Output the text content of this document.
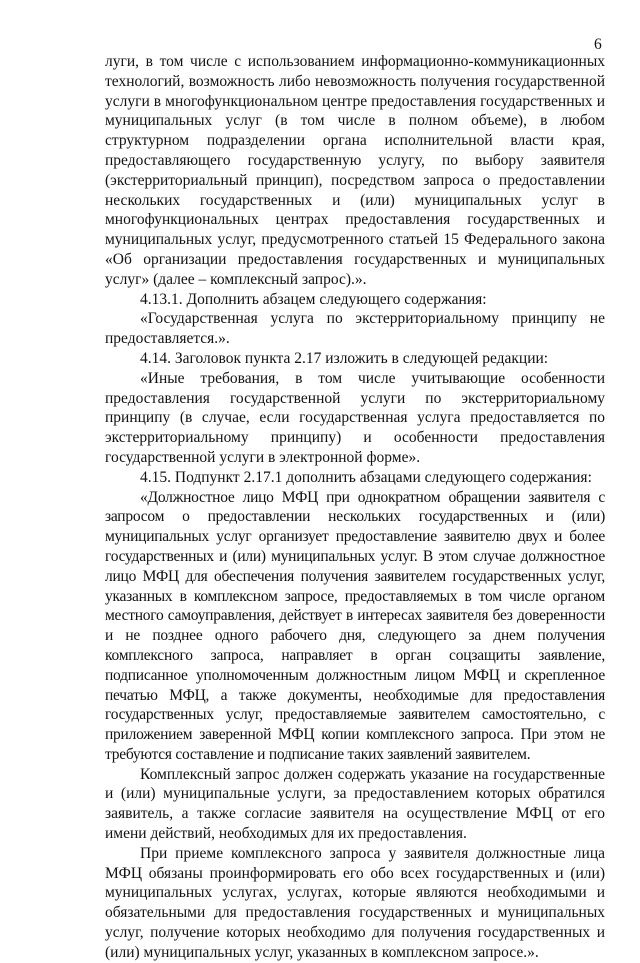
6

луги, в том числе с использованием информационно-коммуникационных технологий, возможность либо невозможность получения государственной услуги в многофункциональном центре предоставления государственных и муниципальных услуг (в том числе в полном объеме), в любом структурном подразделении органа исполнительной власти края, предоставляющего государственную услугу, по выбору заявителя (экстерриториальный принцип), посредством запроса о предоставлении нескольких государственных и (или) муниципальных услуг в многофункциональных центрах предоставления государственных и муниципальных услуг, предусмотренного статьей 15 Федерального закона «Об организации предоставления государственных и муниципальных услуг» (далее – комплексный запрос).».

4.13.1. Дополнить абзацем следующего содержания:

«Государственная услуга по экстерриториальному принципу не предоставляется.».

4.14. Заголовок пункта 2.17 изложить в следующей редакции:

«Иные требования, в том числе учитывающие особенности предоставления государственной услуги по экстерриториальному принципу (в случае, если государственная услуга предоставляется по экстерриториальному принципу) и особенности предоставления государственной услуги в электронной форме».

4.15. Подпункт 2.17.1 дополнить абзацами следующего содержания:

«Должностное лицо МФЦ при однократном обращении заявителя с запросом о предоставлении нескольких государственных и (или) муниципальных услуг организует предоставление заявителю двух и более государственных и (или) муниципальных услуг. В этом случае должностное лицо МФЦ для обеспечения получения заявителем государственных услуг, указанных в комплексном запросе, предоставляемых в том числе органом местного самоуправления, действует в интересах заявителя без доверенности и не позднее одного рабочего дня, следующего за днем получения комплексного запроса, направляет в орган соцзащиты заявление, подписанное уполномоченным должностным лицом МФЦ и скрепленное печатью МФЦ, а также документы, необходимые для предоставления государственных услуг, предоставляемые заявителем самостоятельно, с приложением заверенной МФЦ копии комплексного запроса. При этом не требуются составление и подписание таких заявлений заявителем.

Комплексный запрос должен содержать указание на государственные и (или) муниципальные услуги, за предоставлением которых обратился заявитель, а также согласие заявителя на осуществление МФЦ от его имени действий, необходимых для их предоставления.

При приеме комплексного запроса у заявителя должностные лица МФЦ обязаны проинформировать его обо всех государственных и (или) муниципальных услугах, услугах, которые являются необходимыми и обязательными для предоставления государственных и муниципальных услуг, получение которых необходимо для получения государственных и (или) муниципальных услуг, указанных в комплексном запросе.».
